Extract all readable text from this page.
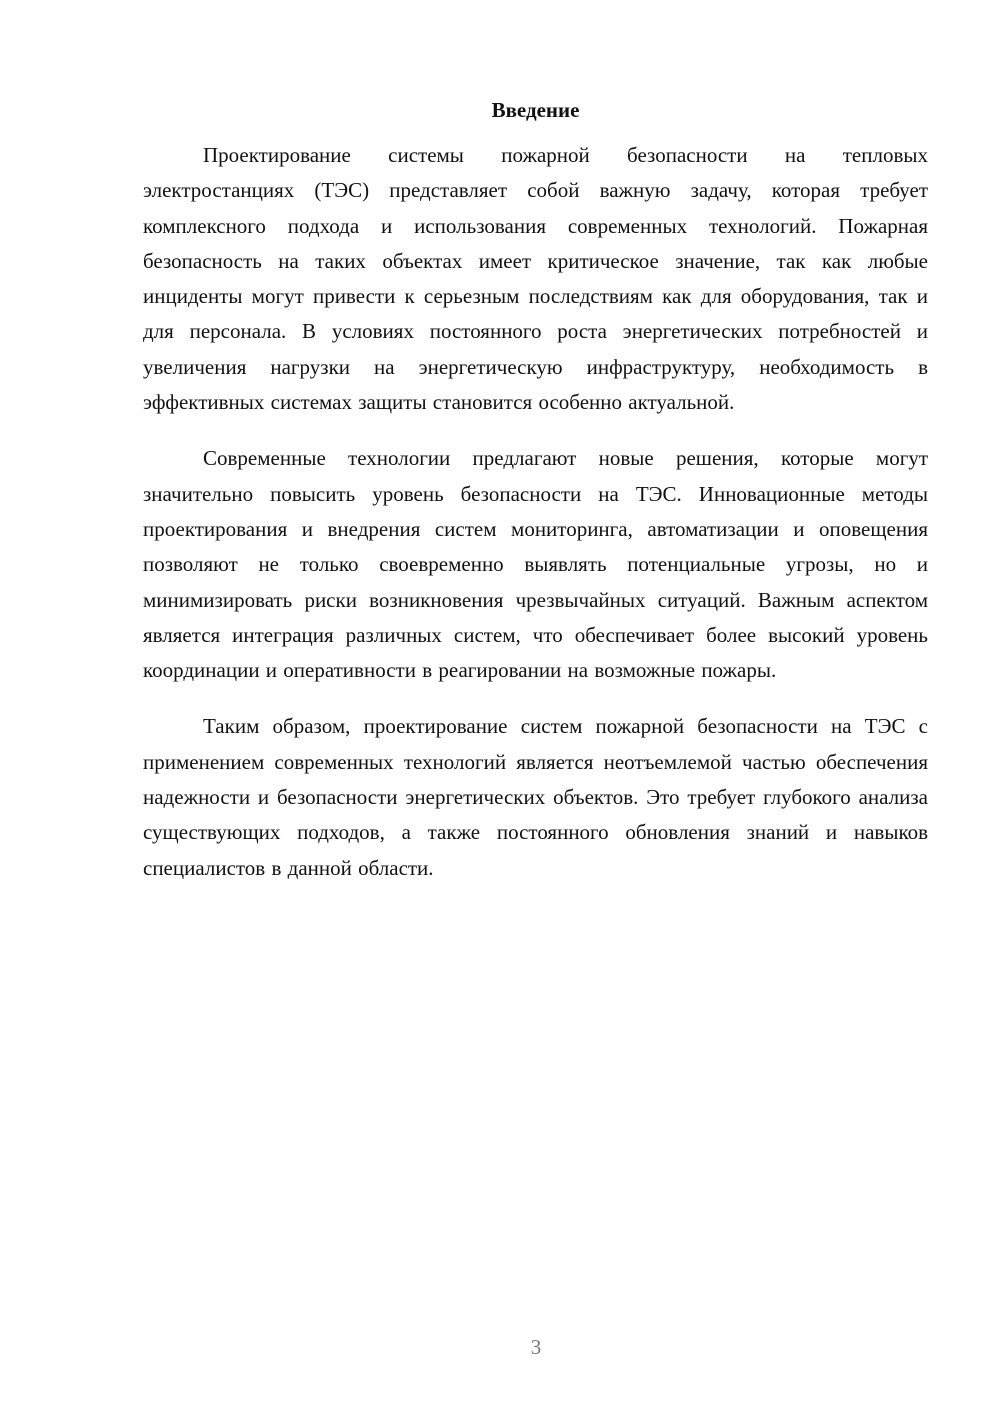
Введение

Проектирование системы пожарной безопасности на тепловых электростанциях (ТЭС) представляет собой важную задачу, которая требует комплексного подхода и использования современных технологий. Пожарная безопасность на таких объектах имеет критическое значение, так как любые инциденты могут привести к серьезным последствиям как для оборудования, так и для персонала. В условиях постоянного роста энергетических потребностей и увеличения нагрузки на энергетическую инфраструктуру, необходимость в эффективных системах защиты становится особенно актуальной.

Современные технологии предлагают новые решения, которые могут значительно повысить уровень безопасности на ТЭС. Инновационные методы проектирования и внедрения систем мониторинга, автоматизации и оповещения позволяют не только своевременно выявлять потенциальные угрозы, но и минимизировать риски возникновения чрезвычайных ситуаций. Важным аспектом является интеграция различных систем, что обеспечивает более высокий уровень координации и оперативности в реагировании на возможные пожары.

Таким образом, проектирование систем пожарной безопасности на ТЭС с применением современных технологий является неотъемлемой частью обеспечения надежности и безопасности энергетических объектов. Это требует глубокого анализа существующих подходов, а также постоянного обновления знаний и навыков специалистов в данной области.

3
